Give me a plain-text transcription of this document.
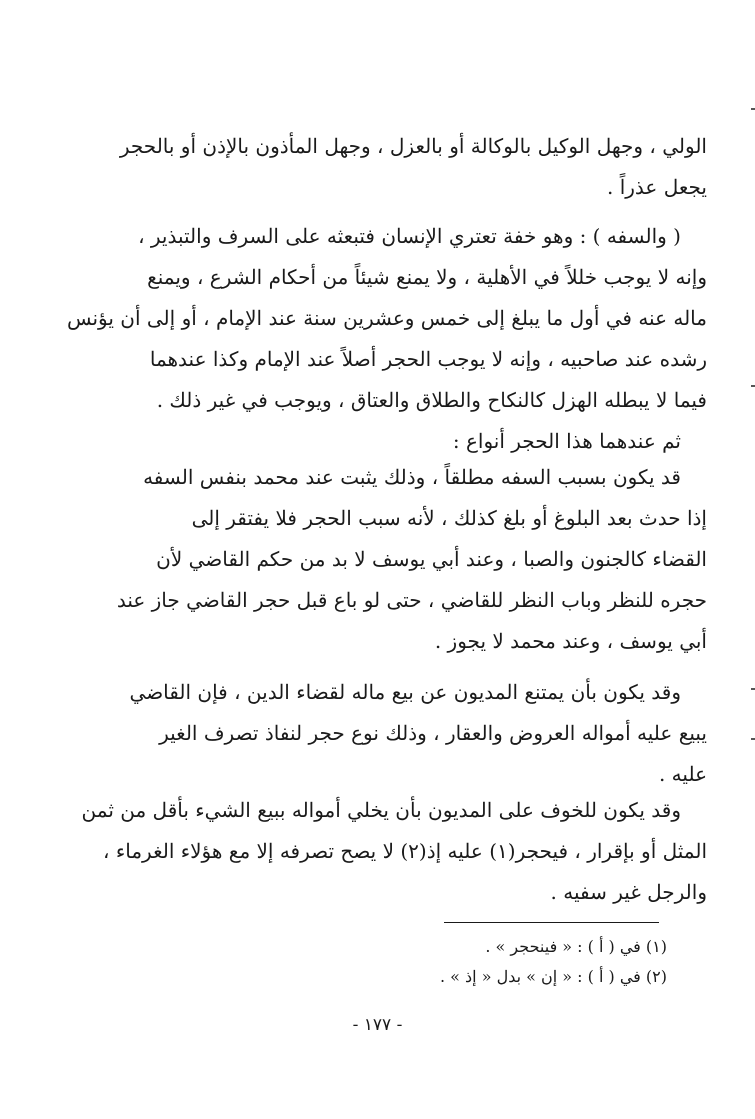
الولي ، وجهل الوكيل بالوكالة أو بالعزل ، وجهل المأذون بالإذن أو بالحجر
يجعل عذراً .
( والسفه ) : وهو خفة تعتري الإنسان فتبعثه على السرف والتبذير ،
وإنه لا يوجب خللاً في الأهلية ، ولا يمنع شيئاً من أحكام الشرع ، ويمنع
ماله عنه في أول ما يبلغ إلى خمس وعشرين سنة عند الإمام ، أو إلى أن يؤنس
رشده عند صاحبيه ، وإنه لا يوجب الحجر أصلاً عند الإمام وكذا عندهما
فيما لا يبطله الهزل كالنكاح والطلاق والعتاق ، ويوجب في غير ذلك .
ثم عندهما هذا الحجر أنواع :
قد يكون بسبب السفه مطلقاً ، وذلك يثبت عند محمد بنفس السفه
إذا حدث بعد البلوغ أو بلغ كذلك ، لأنه سبب الحجر فلا يفتقر إلى
القضاء كالجنون والصبا ، وعند أبي يوسف لا بد من حكم القاضي لأن
حجره للنظر وباب النظر للقاضي ، حتى لو باع قبل حجر القاضي جاز عند
أبي يوسف ، وعند محمد لا يجوز .
وقد يكون بأن يمتنع المديون عن بيع ماله لقضاء الدين ، فإن القاضي
يبيع عليه أمواله العروض والعقار ، وذلك نوع حجر لنفاذ تصرف الغير
عليه .
وقد يكون للخوف على المديون بأن يخلي أمواله ببيع الشيء بأقل من ثمن
المثل أو بإقرار ، فيحجر(١) عليه إذ(٢) لا يصح تصرفه إلا مع هؤلاء الغرماء ،
والرجل غير سفيه .
(١) في ( أ ) : « فينحجر » .
(٢) في ( أ ) : « إن » بدل « إذ » .
- ١٧٧ -
